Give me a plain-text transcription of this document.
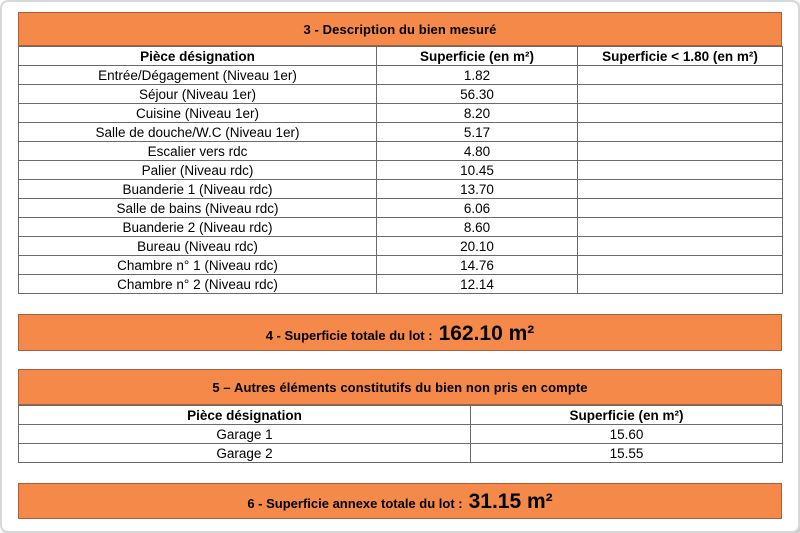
3 - Description du bien mesuré
Pièce désignation	Superficie (en m²)	Superficie < 1.80 (en m²)
Entrée/Dégagement (Niveau 1er)	1.82	
Séjour (Niveau 1er)	56.30	
Cuisine (Niveau 1er)	8.20	
Salle de douche/W.C (Niveau 1er)	5.17	
Escalier vers rdc	4.80	
Palier (Niveau rdc)	10.45	
Buanderie 1 (Niveau rdc)	13.70	
Salle de bains (Niveau rdc)	6.06	
Buanderie 2 (Niveau rdc)	8.60	
Bureau (Niveau rdc)	20.10	
Chambre n° 1 (Niveau rdc)	14.76	
Chambre n° 2 (Niveau rdc)	12.14	
4 - Superficie totale du lot : 162.10 m²
5 – Autres éléments constitutifs du bien non pris en compte
Pièce désignation	Superficie (en m²)
Garage 1	15.60
Garage 2	15.55
6 - Superficie annexe totale du lot : 31.15 m²
